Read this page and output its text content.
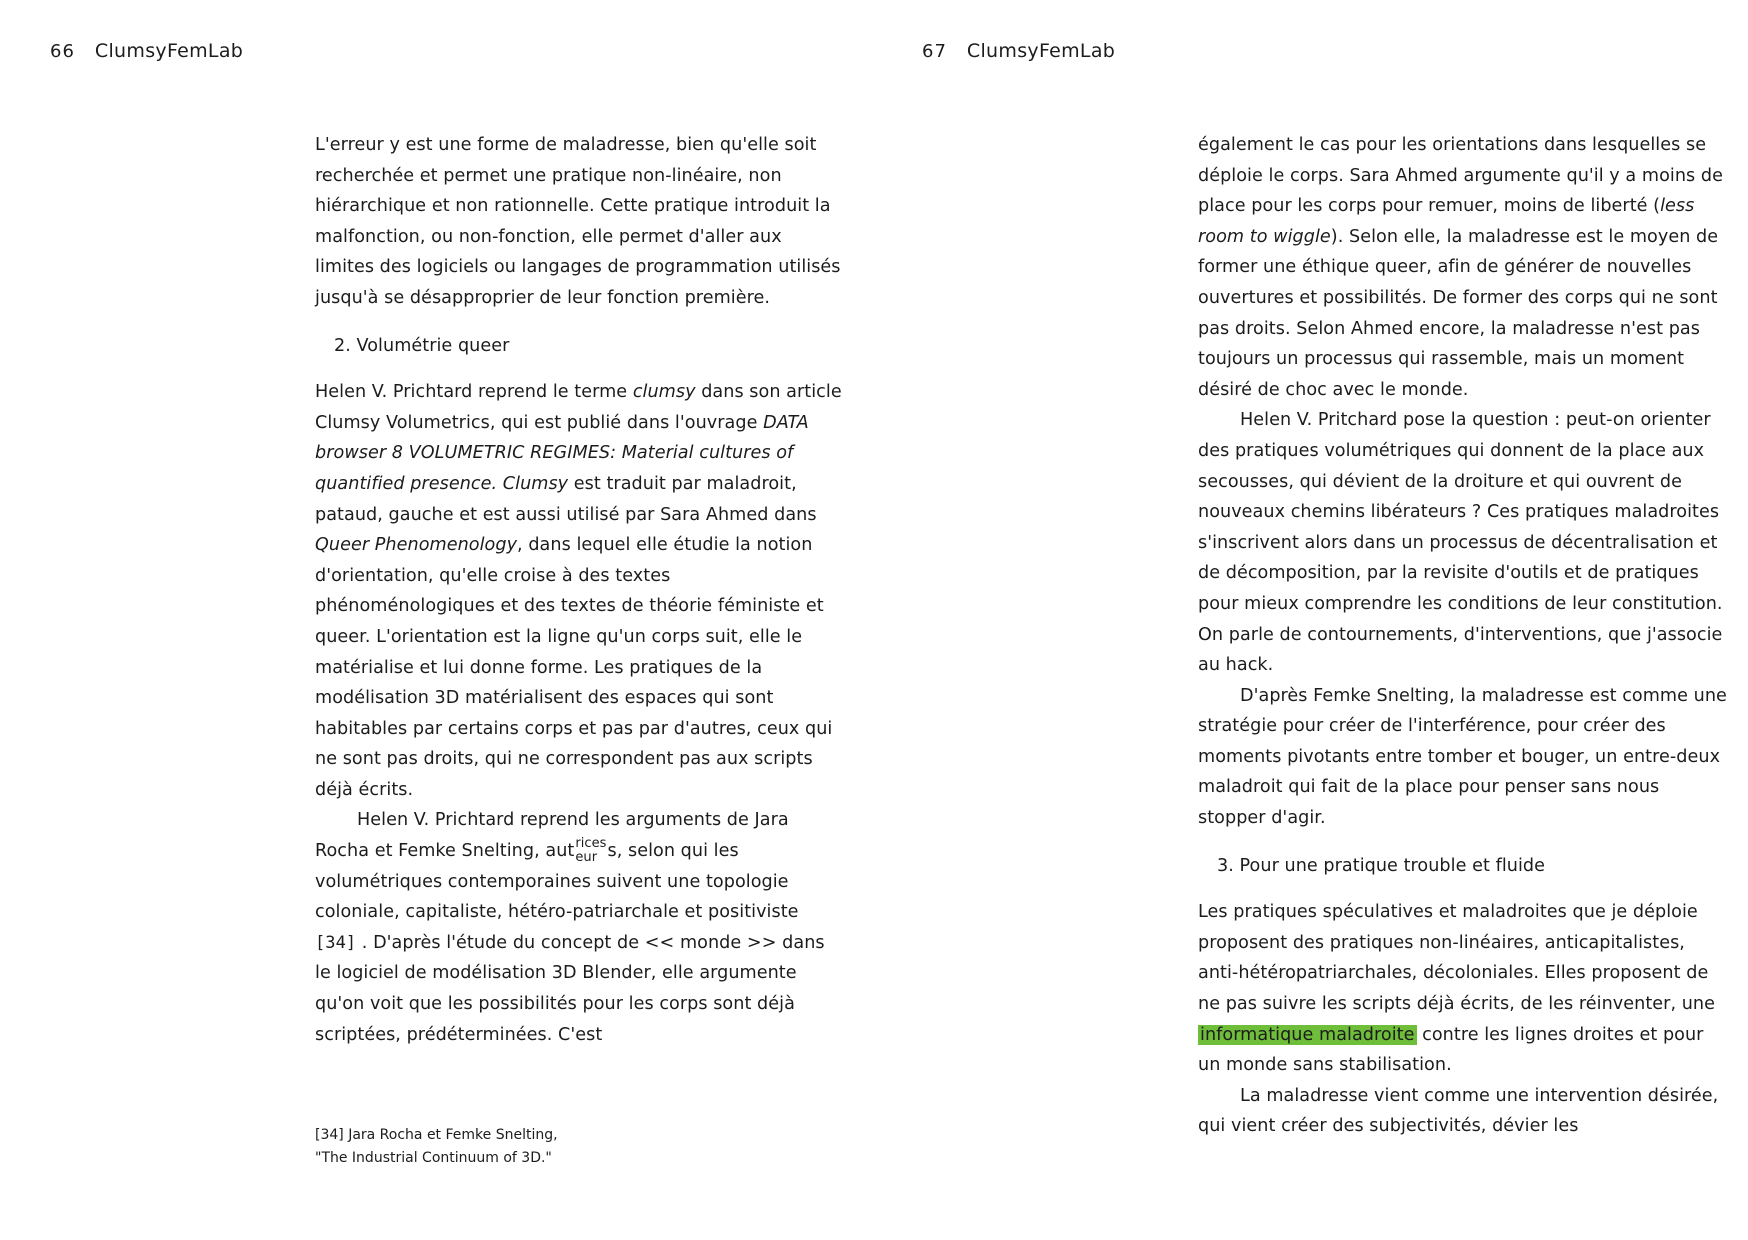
66 ClumsyFemLab

L'erreur y est une forme de maladresse, bien qu'elle soit recherchée et permet une pratique non-linéaire, non hiérarchique et non rationnelle. Cette pratique introduit la malfonction, ou non-fonction, elle permet d'aller aux limites des logiciels ou langages de programmation utilisés jusqu'à se désapproprier de leur fonction première.

2. Volumétrie queer

Helen V. Prichtard reprend le terme clumsy dans son article Clumsy Volumetrics, qui est publié dans l'ouvrage DATA browser 8 VOLUMETRIC REGIMES: Material cultures of quantified presence. Clumsy est traduit par maladroit, pataud, gauche et est aussi utilisé par Sara Ahmed dans Queer Phenomenology, dans lequel elle étudie la notion d'orientation, qu'elle croise à des textes phénoménologiques et des textes de théorie féministe et queer. L'orientation est la ligne qu'un corps suit, elle le matérialise et lui donne forme. Les pratiques de la modélisation 3D matérialisent des espaces qui sont habitables par certains corps et pas par d'autres, ceux qui ne sont pas droits, qui ne correspondent pas aux scripts déjà écrits.

Helen V. Prichtard reprend les arguments de Jara Rocha et Femke Snelting, aut rices
eur s, selon qui les volumétriques contemporaines suivent une topologie coloniale, capitaliste, hétéro-patriarchale et positiviste [34] . D'après l'étude du concept de << monde >> dans le logiciel de modélisation 3D Blender, elle argumente qu'on voit que les possibilités pour les corps sont déjà scriptées, prédéterminées. C'est

[34] Jara Rocha et Femke Snelting, "The Industrial Continuum of 3D."
67 ClumsyFemLab

également le cas pour les orientations dans lesquelles se déploie le corps. Sara Ahmed argumente qu'il y a moins de place pour les corps pour remuer, moins de liberté (less room to wiggle). Selon elle, la maladresse est le moyen de former une éthique queer, afin de générer de nouvelles ouvertures et possibilités. De former des corps qui ne sont pas droits. Selon Ahmed encore, la maladresse n'est pas toujours un processus qui rassemble, mais un moment désiré de choc avec le monde.

Helen V. Pritchard pose la question : peut-on orienter des pratiques volumétriques qui donnent de la place aux secousses, qui dévient de la droiture et qui ouvrent de nouveaux chemins libérateurs ? Ces pratiques maladroites s'inscrivent alors dans un processus de décentralisation et de décomposition, par la revisite d'outils et de pratiques pour mieux comprendre les conditions de leur constitution. On parle de contournements, d'interventions, que j'associe au hack.

D'après Femke Snelting, la maladresse est comme une stratégie pour créer de l'interférence, pour créer des moments pivotants entre tomber et bouger, un entre-deux maladroit qui fait de la place pour penser sans nous stopper d'agir.

3. Pour une pratique trouble et fluide

Les pratiques spéculatives et maladroites que je déploie proposent des pratiques non-linéaires, anticapitalistes, anti-hétéropatriarchales, décoloniales. Elles proposent de ne pas suivre les scripts déjà écrits, de les réinventer, une informatique maladroite contre les lignes droites et pour un monde sans stabilisation.

La maladresse vient comme une intervention désirée, qui vient créer des subjectivités, dévier les
